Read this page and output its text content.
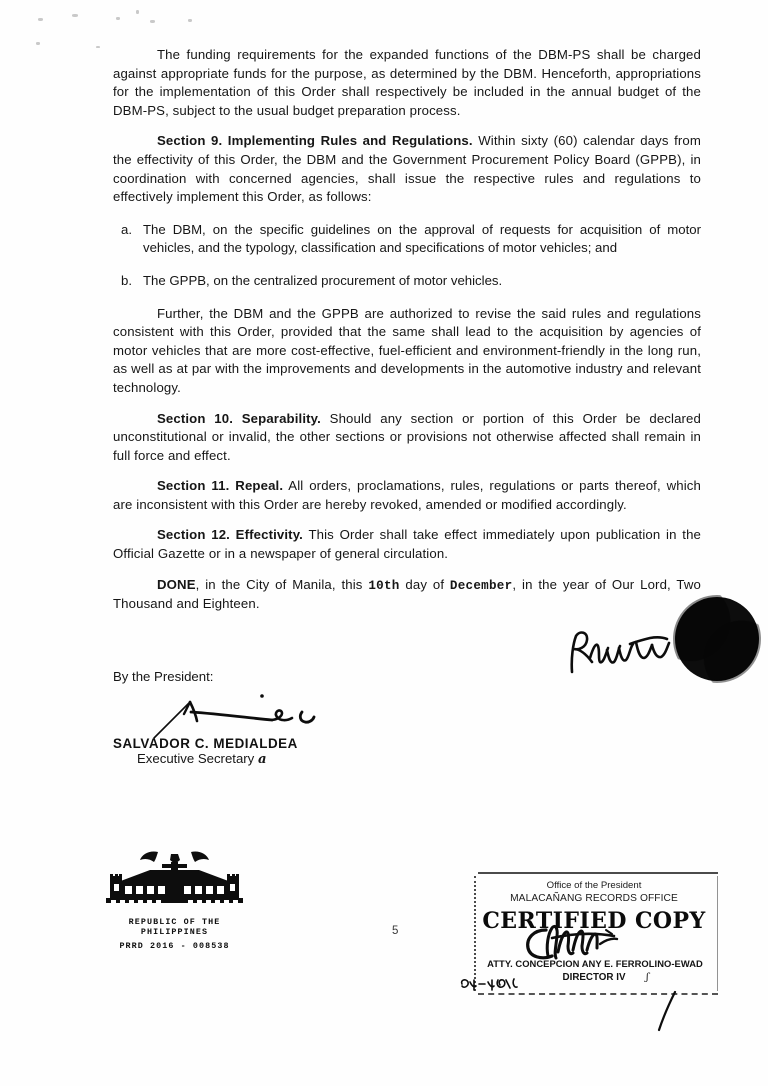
The funding requirements for the expanded functions of the DBM-PS shall be charged against appropriate funds for the purpose, as determined by the DBM. Henceforth, appropriations for the implementation of this Order shall respectively be included in the annual budget of the DBM-PS, subject to the usual budget preparation process.

Section 9. Implementing Rules and Regulations. Within sixty (60) calendar days from the effectivity of this Order, the DBM and the Government Procurement Policy Board (GPPB), in coordination with concerned agencies, shall issue the respective rules and regulations to effectively implement this Order, as follows:

a. The DBM, on the specific guidelines on the approval of requests for acquisition of motor vehicles, and the typology, classification and specifications of motor vehicles; and
b. The GPPB, on the centralized procurement of motor vehicles.

Further, the DBM and the GPPB are authorized to revise the said rules and regulations consistent with this Order, provided that the same shall lead to the acquisition by agencies of motor vehicles that are more cost-effective, fuel-efficient and environment-friendly in the long run, as well as at par with the improvements and developments in the automotive industry and relevant technology.

Section 10. Separability. Should any section or portion of this Order be declared unconstitutional or invalid, the other sections or provisions not otherwise affected shall remain in full force and effect.

Section 11. Repeal. All orders, proclamations, rules, regulations or parts thereof, which are inconsistent with this Order are hereby revoked, amended or modified accordingly.

Section 12. Effectivity. This Order shall take effect immediately upon publication in the Official Gazette or in a newspaper of general circulation.

DONE, in the City of Manila, this 10th day of December, in the year of Our Lord, Two Thousand and Eighteen.

By the President:
SALVADOR C. MEDIALDEA
Executive Secretary a
REPUBLIC OF THE PHILIPPINES
PRRD 2016 - 008538
5
Office of the President
MALACAÑANG RECORDS OFFICE
CERTIFIED COPY
ATTY. CONCEPCION ANY E. FERROLINO-EWAD
DIRECTOR IV	ʃ
